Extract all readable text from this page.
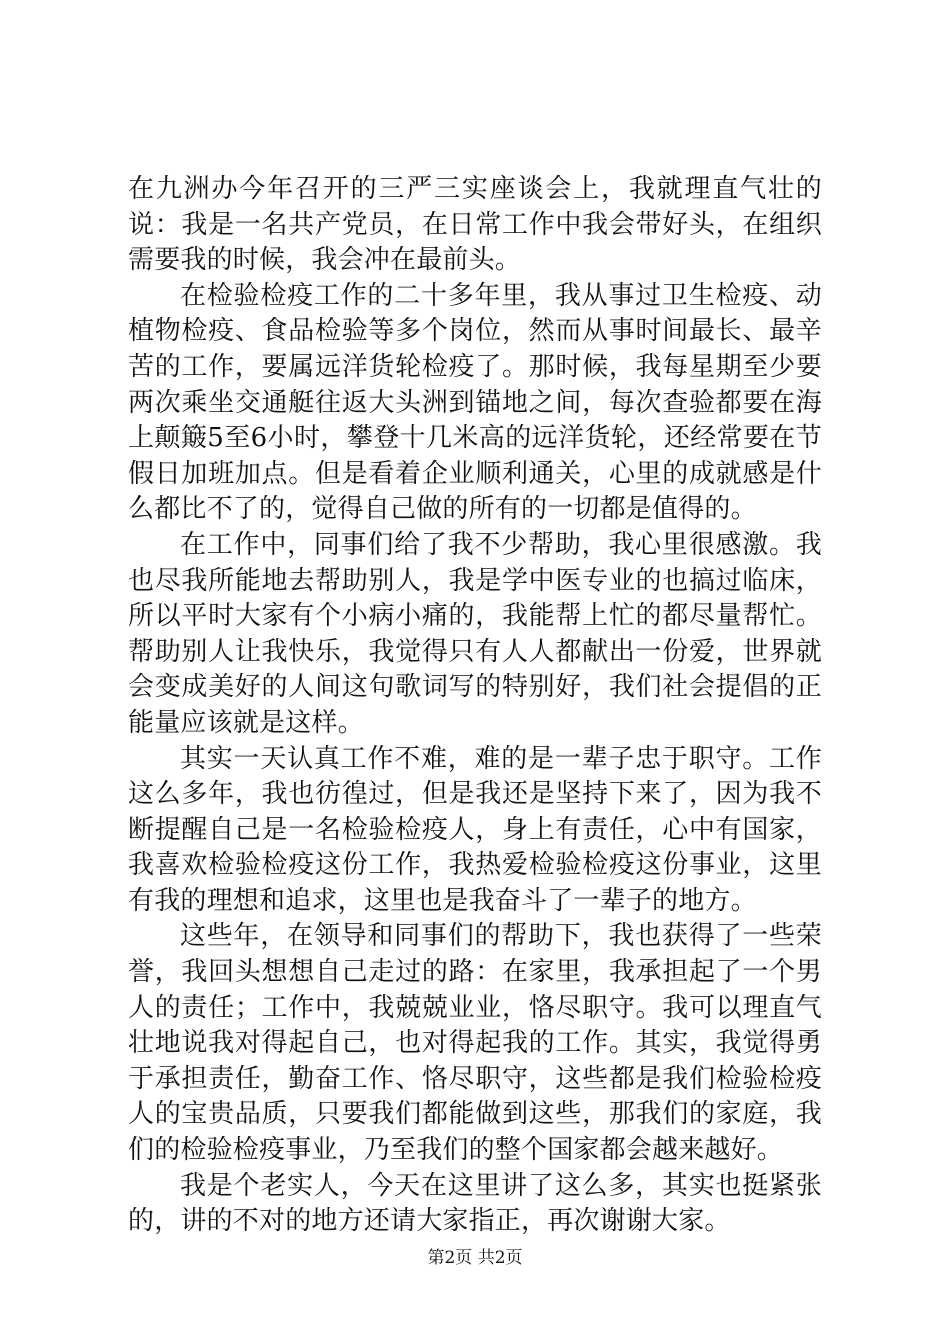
在九洲办今年召开的三严三实座谈会上，我就理直气壮的说：我是一名共产党员，在日常工作中我会带好头，在组织需要我的时候，我会冲在最前头。

在检验检疫工作的二十多年里，我从事过卫生检疫、动植物检疫、食品检验等多个岗位，然而从事时间最长、最辛苦的工作，要属远洋货轮检疫了。那时候，我每星期至少要两次乘坐交通艇往返大头洲到锚地之间，每次查验都要在海上颠簸5至6小时，攀登十几米高的远洋货轮，还经常要在节假日加班加点。但是看着企业顺利通关，心里的成就感是什么都比不了的，觉得自己做的所有的一切都是值得的。

在工作中，同事们给了我不少帮助，我心里很感激。我也尽我所能地去帮助别人，我是学中医专业的也搞过临床，所以平时大家有个小病小痛的，我能帮上忙的都尽量帮忙。帮助别人让我快乐，我觉得只有人人都献出一份爱，世界就会变成美好的人间这句歌词写的特别好，我们社会提倡的正能量应该就是这样。

其实一天认真工作不难，难的是一辈子忠于职守。工作这么多年，我也彷徨过，但是我还是坚持下来了，因为我不断提醒自己是一名检验检疫人，身上有责任，心中有国家，我喜欢检验检疫这份工作，我热爱检验检疫这份事业，这里有我的理想和追求，这里也是我奋斗了一辈子的地方。

这些年，在领导和同事们的帮助下，我也获得了一些荣誉，我回头想想自己走过的路：在家里，我承担起了一个男人的责任；工作中，我兢兢业业，恪尽职守。我可以理直气壮地说我对得起自己，也对得起我的工作。其实，我觉得勇于承担责任，勤奋工作、恪尽职守，这些都是我们检验检疫人的宝贵品质，只要我们都能做到这些，那我们的家庭，我们的检验检疫事业，乃至我们的整个国家都会越来越好。

我是个老实人，今天在这里讲了这么多，其实也挺紧张的，讲的不对的地方还请大家指正，再次谢谢大家。

第2页 共2页
